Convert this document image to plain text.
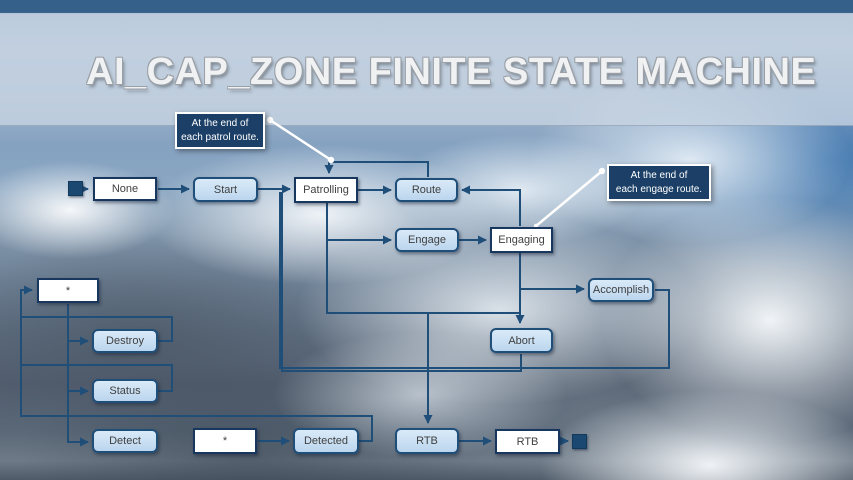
AI_CAP_ZONE FINITE STATE MACHINE
None	Start	Patrolling	Route
Engage	Engaging
Accomplish
Abort
*
Destroy
Status
Detect	*	Detected	RTB	RTB
At the end of
each patrol route.
At the end of
each engage route.
